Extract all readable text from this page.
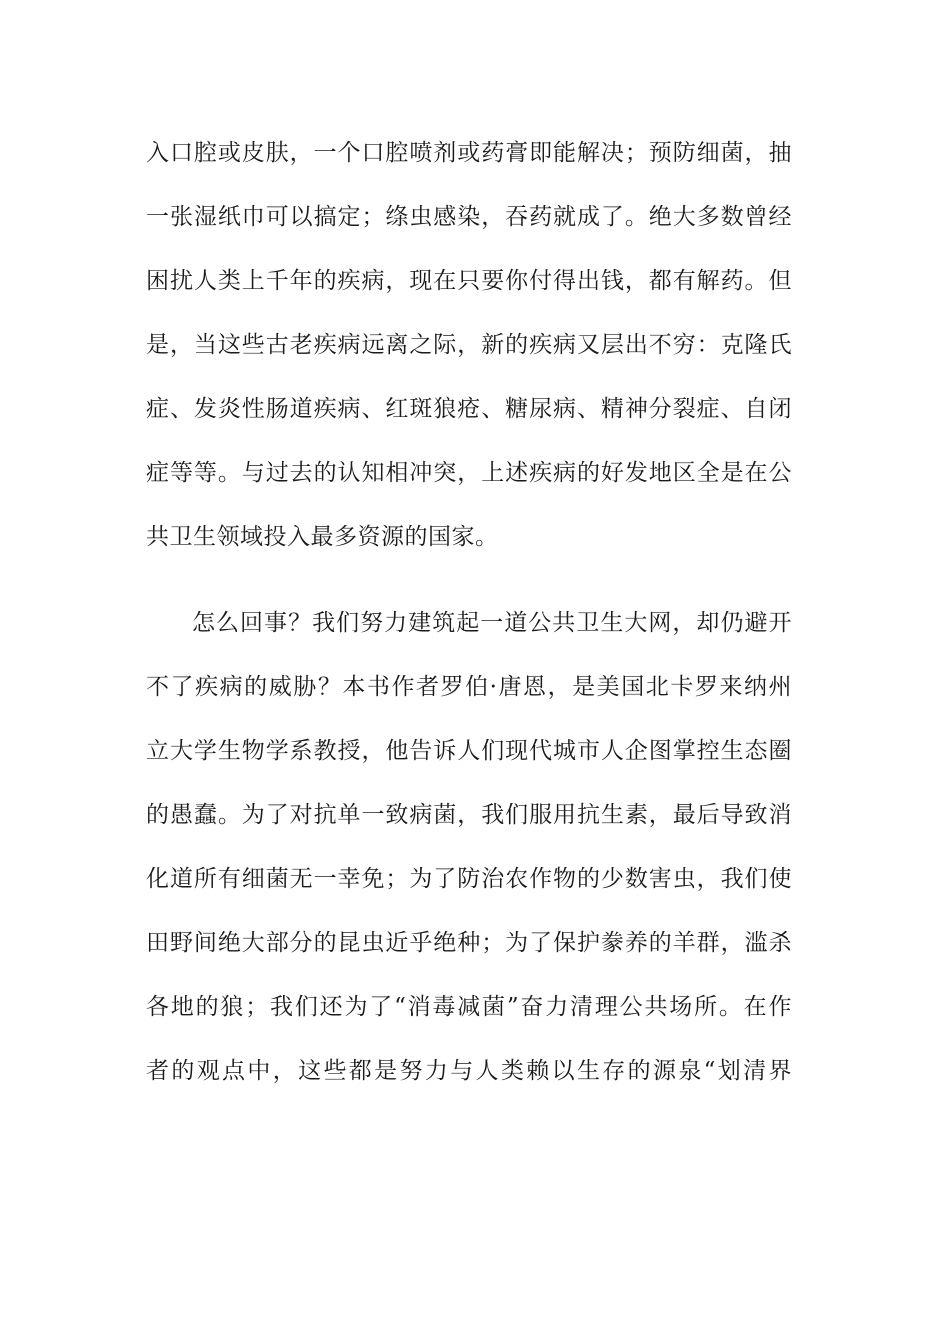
入口腔或皮肤，一个口腔喷剂或药膏即能解决；预防细菌，抽
一张湿纸巾可以搞定；绦虫感染，吞药就成了。绝大多数曾经
困扰人类上千年的疾病，现在只要你付得出钱，都有解药。但
是，当这些古老疾病远离之际，新的疾病又层出不穷：克隆氏
症、发炎性肠道疾病、红斑狼疮、糖尿病、精神分裂症、自闭
症等等。与过去的认知相冲突，上述疾病的好发地区全是在公
共卫生领域投入最多资源的国家。
怎么回事？我们努力建筑起一道公共卫生大网，却仍避开
不了疾病的威胁？本书作者罗伯·唐恩，是美国北卡罗来纳州
立大学生物学系教授，他告诉人们现代城市人企图掌控生态圈
的愚蠢。为了对抗单一致病菌，我们服用抗生素，最后导致消
化道所有细菌无一幸免；为了防治农作物的少数害虫，我们使
田野间绝大部分的昆虫近乎绝种；为了保护豢养的羊群，滥杀
各地的狼；我们还为了“消毒减菌”奋力清理公共场所。在作
者的观点中，这些都是努力与人类赖以生存的源泉“划清界
